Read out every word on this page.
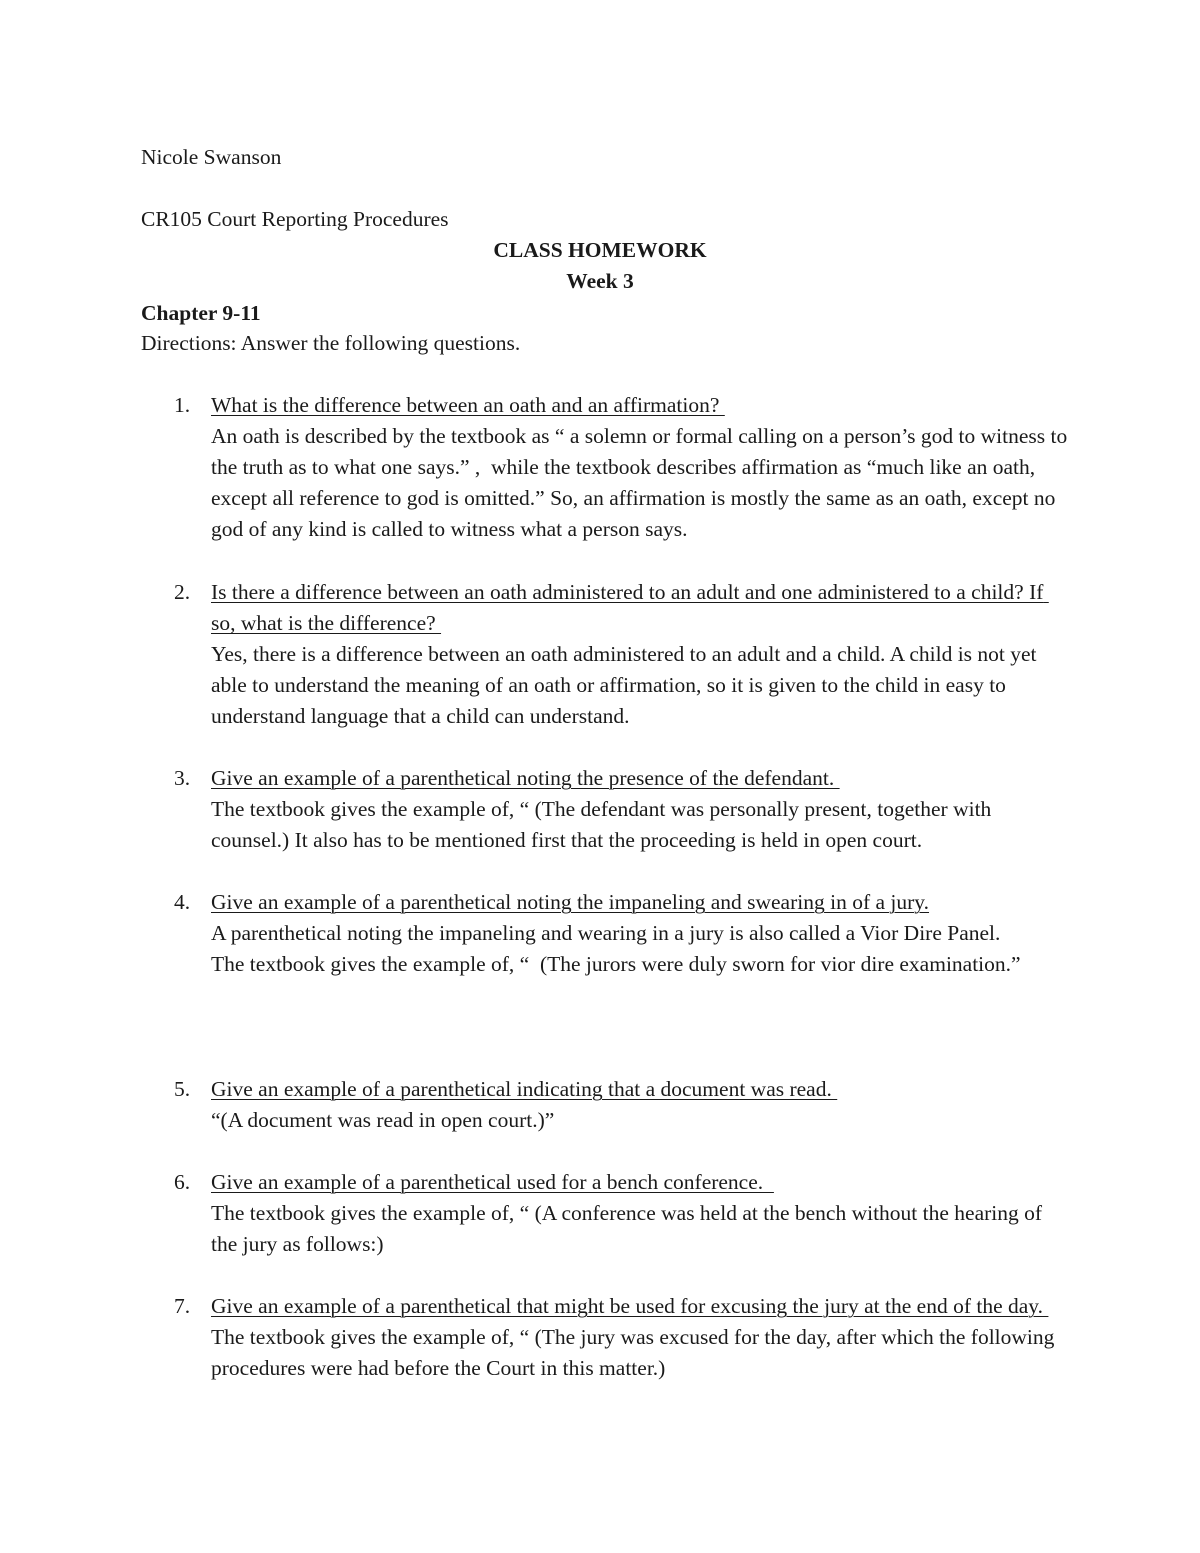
Nicole Swanson
CR105 Court Reporting Procedures
CLASS HOMEWORK
Week 3
Chapter 9-11
Directions: Answer the following questions.
1. What is the difference between an oath and an affirmation?
An oath is described by the textbook as “ a solemn or formal calling on a person’s god to witness to the truth as to what one says.” ,  while the textbook describes affirmation as “much like an oath, except all reference to god is omitted.” So, an affirmation is mostly the same as an oath, except no god of any kind is called to witness what a person says.
2. Is there a difference between an oath administered to an adult and one administered to a child? If so, what is the difference?
Yes, there is a difference between an oath administered to an adult and a child. A child is not yet able to understand the meaning of an oath or affirmation, so it is given to the child in easy to understand language that a child can understand.
3. Give an example of a parenthetical noting the presence of the defendant.
The textbook gives the example of, “ (The defendant was personally present, together with counsel.) It also has to be mentioned first that the proceeding is held in open court.
4. Give an example of a parenthetical noting the impaneling and swearing in of a jury.
A parenthetical noting the impaneling and wearing in a jury is also called a Vior Dire Panel.
The textbook gives the example of, “  (The jurors were duly sworn for vior dire examination.”
5. Give an example of a parenthetical indicating that a document was read.
“(A document was read in open court.)”
6. Give an example of a parenthetical used for a bench conference.
The textbook gives the example of, “ (A conference was held at the bench without the hearing of the jury as follows:)
7. Give an example of a parenthetical that might be used for excusing the jury at the end of the day.
The textbook gives the example of, “ (The jury was excused for the day, after which the following procedures were had before the Court in this matter.)
